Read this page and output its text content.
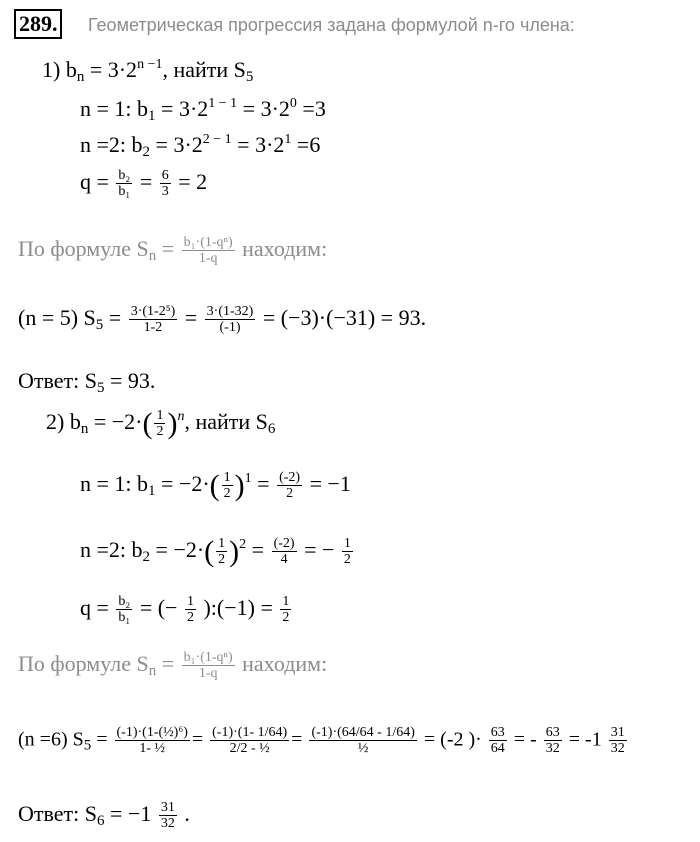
289. Геометрическая прогрессия задана формулой n-го члена:
1) $b_n = 3\cdot 2^{n -1}$, найти $S_5$
n = 1: $b_1 = 3\cdot 2^{1 - 1} = 3\cdot 2^0 =3$
n =2: $b_2 = 3\cdot 2^{2 - 1} = 3\cdot 2^1 =6$
$q = \frac{\text{b₂}}{\text{b₁}} = \frac{6}{3} = 2$
По формуле $S_n = \frac{\text{b₁·(1-qⁿ)}}{1-q}$ находим:
(n = 5) $S_5 = \frac{\text{3·(1-2⁵)}}{1-2} = \frac{3\cdot(1-32)}{(-1)} = (-3)\cdot(-31) = 93$.
Ответ: $S_5 = 93$.
2) $b_n = -2\cdot( \frac{1}{2} )^n$, найти $S_6$
n = 1: $b_1 = -2\cdot( \frac{1}{2} )^1 = \frac{(-2)}{2} = -1$
n =2: $b_2 = -2\cdot( \frac{1}{2} )^2 = \frac{(-2)}{4}$ = − $\frac{1}{2}$
$q = \frac{\text{b₂}}{\text{b₁}}$ = (− $\frac{1}{2}$ ):(−1) = $\frac{1}{2}$
По формуле $S_n = \frac{\text{b₁·(1-qⁿ)}}{1-q}$ находим:
(n =6) $S_5 = \frac{\text{(-1)·(1-(½)⁶)}}{\text{1- ½}} = \frac{(-1)\cdot(1- 1/64)}{\text{2/2 - ½}} = (-1)\cdot(64/64 - 1/64)$
½	= (-2 )· $\frac{63}{64}$ = - $\frac{63}{32} = -1 \frac{31}{32}$
Ответ: $S_6 = -1 \frac{31}{32}$ .
